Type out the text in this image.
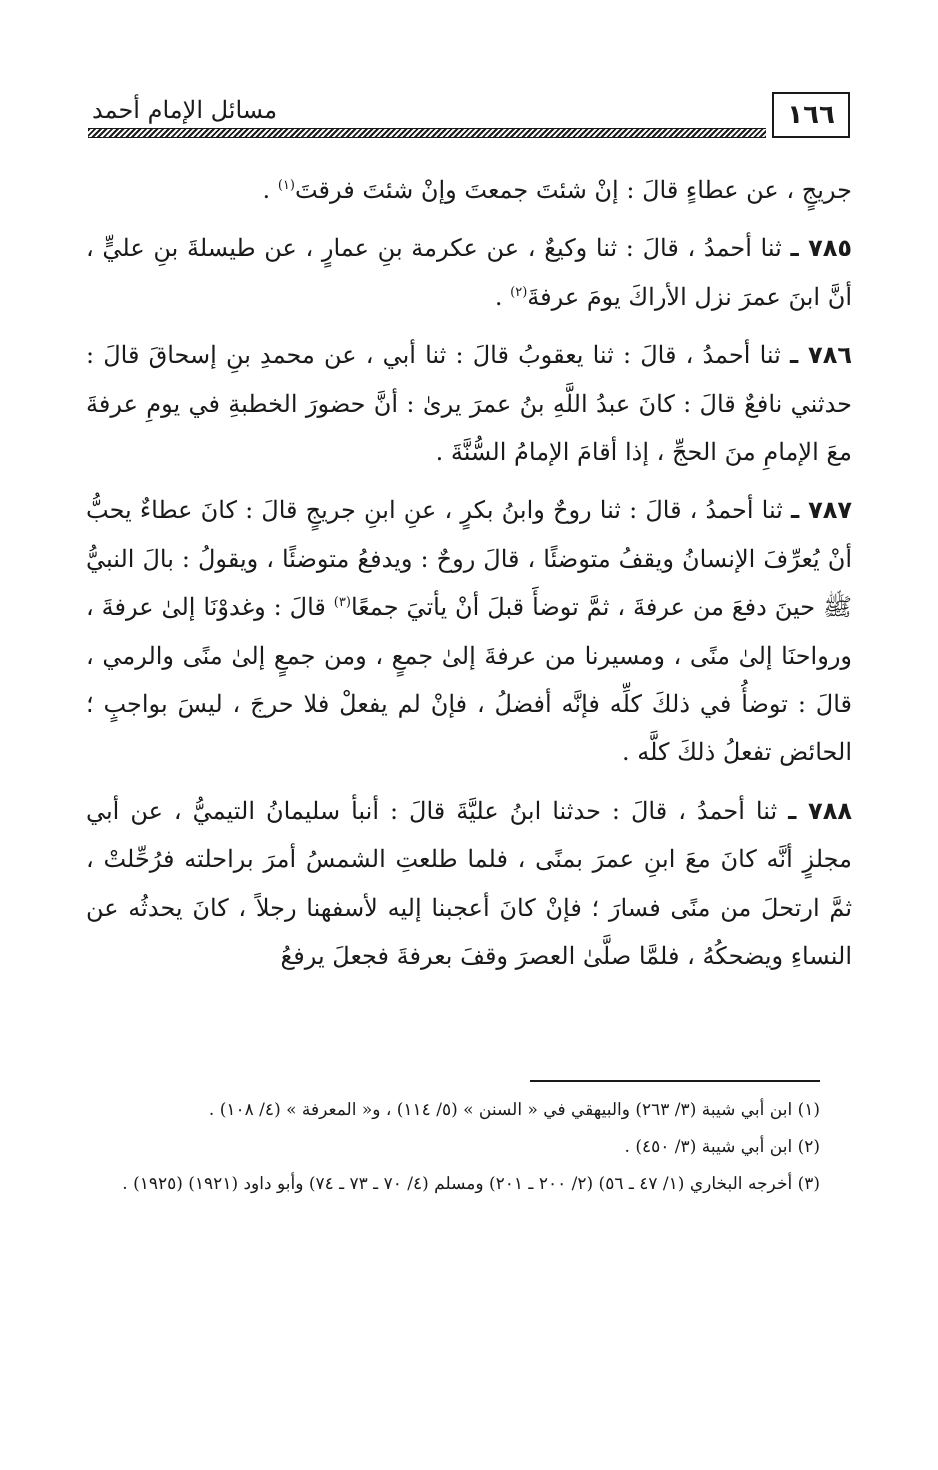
١٦٦
مسائل الإمام أحمد

جريجٍ ، عن عطاءٍ قالَ : إنْ شئتَ جمعتَ وإنْ شئتَ فرقتَ$^{(١)}$ .

٧٨٥ ـ ثنا أحمدُ ، قالَ : ثنا وكيعٌ ، عن عكرمة بنِ عمارٍ ، عن طيسلةَ بنِ عليٍّ ، أنَّ ابنَ عمرَ نزل الأراكَ يومَ عرفةَ$^{(٢)}$ .

٧٨٦ ـ ثنا أحمدُ ، قالَ : ثنا يعقوبُ قالَ : ثنا أبي ، عن محمدِ بنِ إسحاقَ قالَ : حدثني نافعٌ قالَ : كانَ عبدُ اللَّهِ بنُ عمرَ يرىٰ : أنَّ حضورَ الخطبةِ في يومِ عرفةَ معَ الإمامِ منَ الحجِّ ، إذا أقامَ الإمامُ السُّنَّةَ .

٧٨٧ ـ ثنا أحمدُ ، قالَ : ثنا روحٌ وابنُ بكرٍ ، عنِ ابنِ جريجٍ قالَ : كانَ عطاءٌ يحبُّ أنْ يُعرِّفَ الإنسانُ ويقفُ متوضئًا ، قالَ روحٌ : ويدفعُ متوضئًا ، ويقولُ : بالَ النبيُّ ﷺ حينَ دفعَ من عرفةَ ، ثمَّ توضأَ قبلَ أنْ يأتيَ جمعًا$^{(٣)}$ قالَ : وغدوْنَا إلىٰ عرفةَ ، ورواحنَا إلىٰ منًى ، ومسيرنا من عرفةَ إلىٰ جمعٍ ، ومن جمعٍ إلىٰ منًى والرمي ، قالَ : توضأُ في ذلكَ كلِّه فإنَّه أفضلُ ، فإنْ لم يفعلْ فلا حرجَ ، ليسَ بواجبٍ ؛ الحائض تفعلُ ذلكَ كلَّه .

٧٨٨ ـ ثنا أحمدُ ، قالَ : حدثنا ابنُ عليَّةَ قالَ : أنبأ سليمانُ التيميُّ ، عن أبي مجلزٍ أنَّه كانَ معَ ابنِ عمرَ بمنًى ، فلما طلعتِ الشمسُ أمرَ براحلته فرُحِّلتْ ، ثمَّ ارتحلَ من منًى فسارَ ؛ فإنْ كانَ أعجبنا إليه لأسفهنا رجلاً ، كانَ يحدثُه عن النساءِ ويضحكُهُ ، فلمَّا صلَّىٰ العصرَ وقفَ بعرفةَ فجعلَ يرفعُ

(١) ابن أبي شيبة (٣/ ٢٦٣) والبيهقي في « السنن » (٥/ ١١٤) ، و« المعرفة » (٤/ ١٠٨) .

(٢) ابن أبي شيبة (٣/ ٤٥٠) .

(٣) أخرجه البخاري (١/ ٤٧ ـ ٥٦) (٢/ ٢٠٠ ـ ٢٠١) ومسلم (٤/ ٧٠ ـ ٧٣ ـ ٧٤) وأبو داود (١٩٢١) (١٩٢٥) .
